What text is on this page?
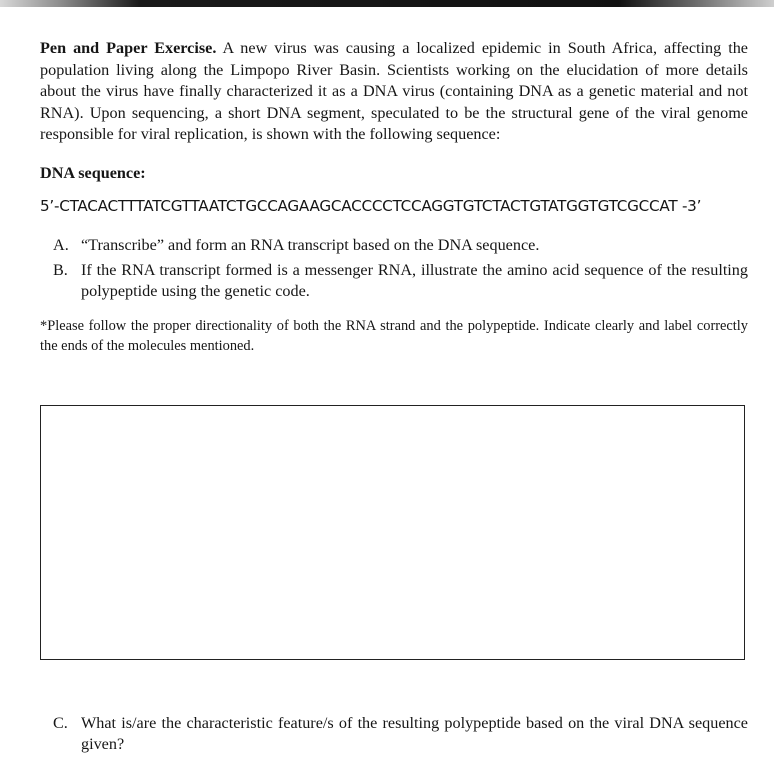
Pen and Paper Exercise. A new virus was causing a localized epidemic in South Africa, affecting the population living along the Limpopo River Basin. Scientists working on the elucidation of more details about the virus have finally characterized it as a DNA virus (containing DNA as a genetic material and not RNA). Upon sequencing, a short DNA segment, speculated to be the structural gene of the viral genome responsible for viral replication, is shown with the following sequence:

DNA sequence:

5’-CTACACTTTATCGTTAATCTGCCAGAAGCACCCCTCCAGGTGTCTACTGTATGGTGTCGCCAT -3’

A. “Transcribe” and form an RNA transcript based on the DNA sequence.
B. If the RNA transcript formed is a messenger RNA, illustrate the amino acid sequence of the resulting polypeptide using the genetic code.

*Please follow the proper directionality of both the RNA strand and the polypeptide. Indicate clearly and label correctly the ends of the molecules mentioned.

C. What is/are the characteristic feature/s of the resulting polypeptide based on the viral DNA sequence given?
